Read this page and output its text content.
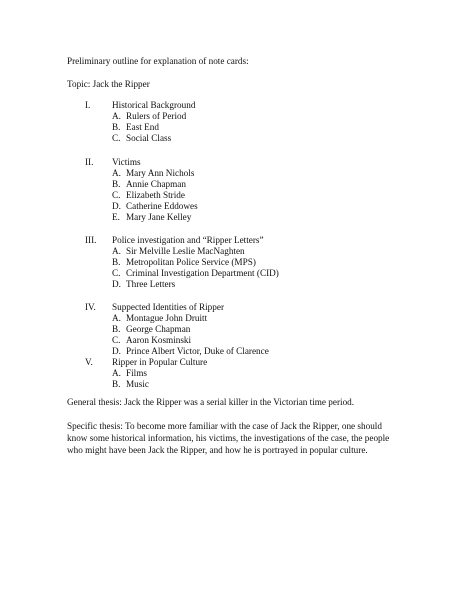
Preliminary outline for explanation of note cards:
Topic: Jack the Ripper
I. Historical Background
A. Rulers of Period
B. East End
C. Social Class
II. Victims
A. Mary Ann Nichols
B. Annie Chapman
C. Elizabeth Stride
D. Catherine Eddowes
E. Mary Jane Kelley
III. Police investigation and “Ripper Letters”
A. Sir Melville Leslie MacNaghten
B. Metropolitan Police Service (MPS)
C. Criminal Investigation Department (CID)
D. Three Letters
IV. Suppected Identities of Ripper
A. Montague John Druitt
B. George Chapman
C. Aaron Kosminski
D. Prince Albert Victor, Duke of Clarence
V. Ripper in Popular Culture
A. Films
B. Music
General thesis: Jack the Ripper was a serial killer in the Victorian time period.
Specific thesis: To become more familiar with the case of Jack the Ripper, one should
know some historical information, his victims, the investigations of the case, the people
who might have been Jack the Ripper, and how he is portrayed in popular culture.
